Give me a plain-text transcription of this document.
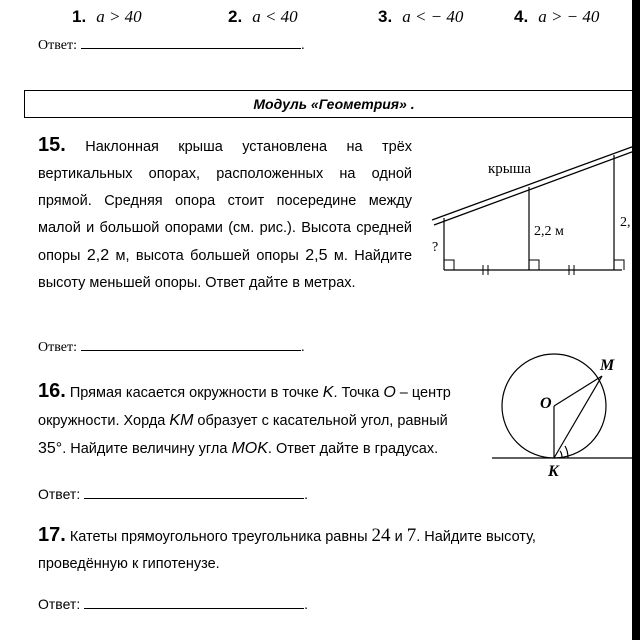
1. a > 40	2. a < 40	3. a < − 40	4. a > − 40
Ответ:	.
Модуль «Геометрия» .
15. Наклонная крыша установлена на трёх вертикальных опорах, расположенных на одной прямой. Средняя опора стоит посередине между малой и большой опорами (см. рис.). Высота средней опоры 2,2 м, высота большей опоры 2,5 м. Найдите высоту меньшей опоры. Ответ дайте в метрах.
крыша
2,2 м
2,
?
Ответ:	.
16. Прямая касается окружности в точке K. Точка O – центр окружности. Хорда KM образует с касательной угол, равный 35°. Найдите величину угла MOK. Ответ дайте в градусах.
M
O
K
Ответ:	.
17. Катеты прямоугольного треугольника равны 24 и 7. Найдите высоту, проведённую к гипотенузе.
Ответ:	.
